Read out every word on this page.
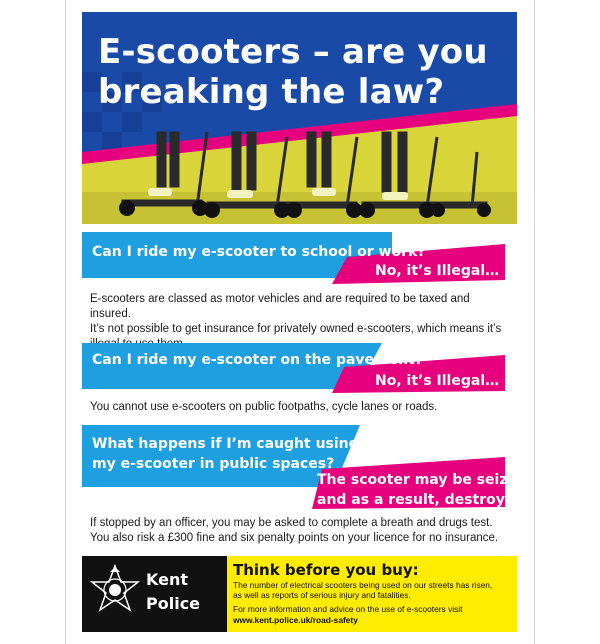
E-scooters – are you
breaking the law?
Can I ride my e-scooter to school or work?
No, it’s Illegal…
E-scooters are classed as motor vehicles and are required to be taxed and insured.
It’s not possible to get insurance for privately owned e-scooters, which means it’s
Can I ride my e-scooter on the pavement?
No, it’s Illegal…
You cannot use e-scooters on public footpaths, cycle lanes or roads.
What happens if I’m caught using
my e-scooter in public spaces?
The scooter may be seized
and as a result, destroyed.
If stopped by an officer, you may be asked to complete a breath and drugs test.
You also risk a £300 fine and six penalty points on your licence for no insurance.
Kent
Police
Think before you buy:
The number of electrical scooters being used on our streets has risen,
as well as reports of serious injury and fatalities.
For more information and advice on the use of e-scooters visit
www.kent.police.uk/road-safety
